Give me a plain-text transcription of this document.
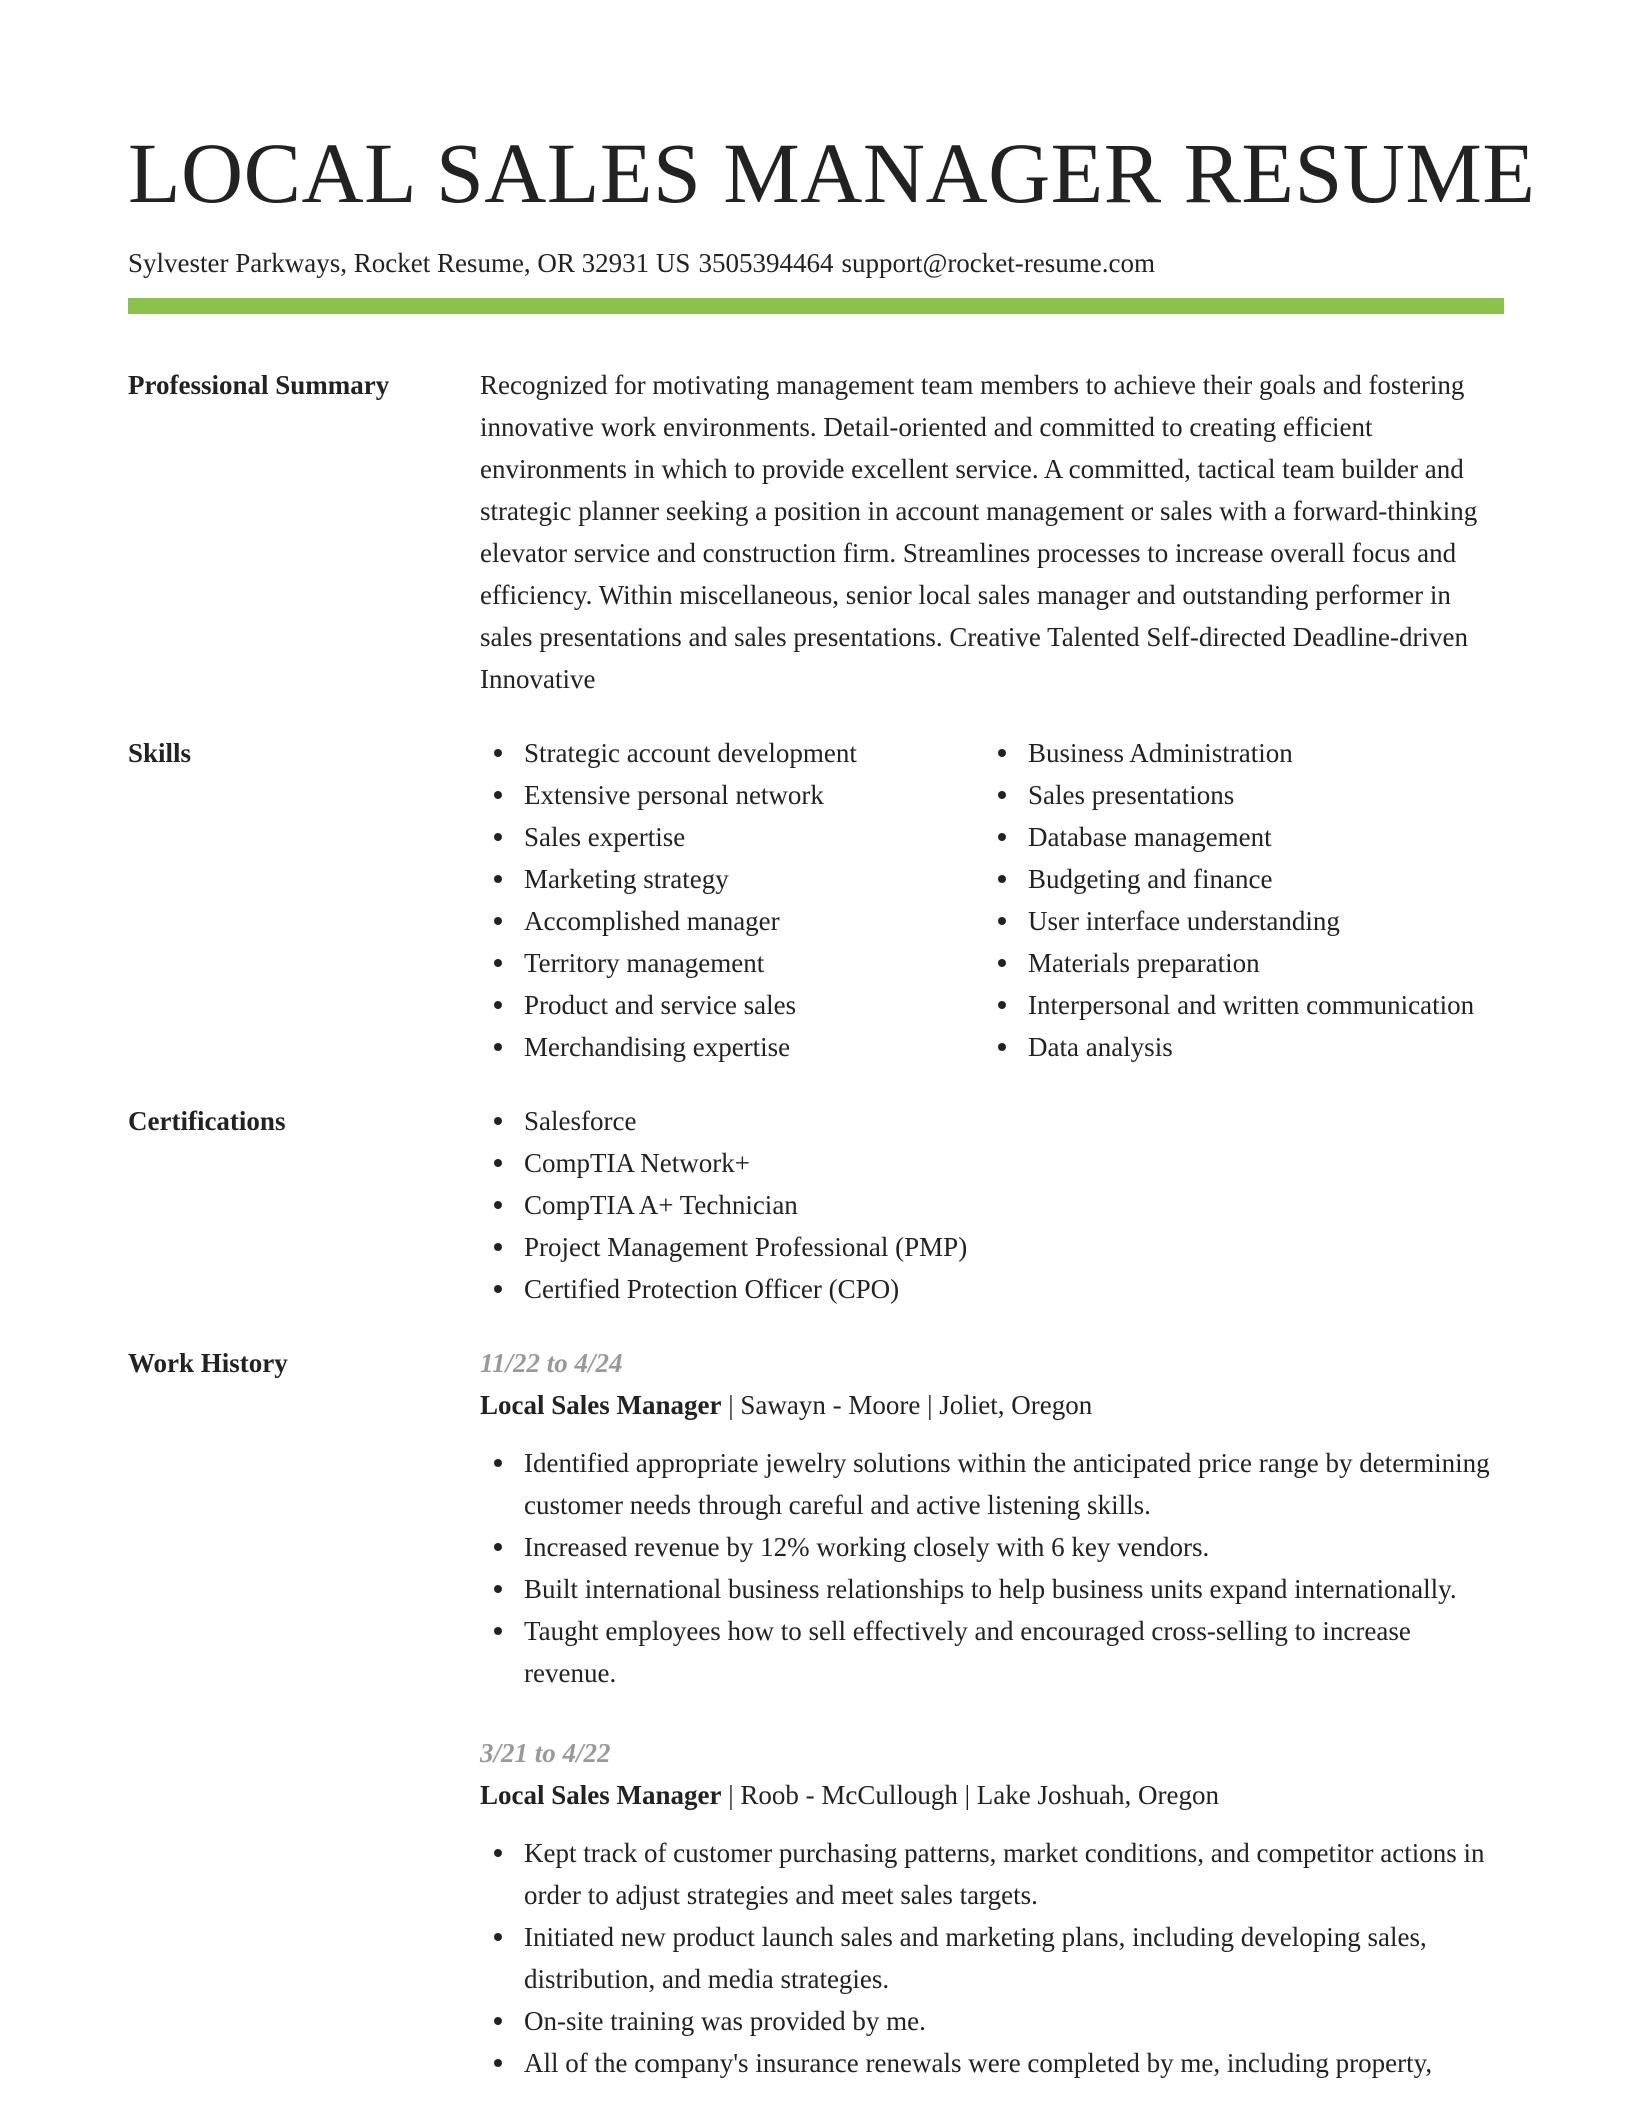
LOCAL SALES MANAGER RESUME
Sylvester Parkways, Rocket Resume, OR 32931 US 3505394464 support@rocket-resume.com
Professional Summary	Recognized for motivating management team members to achieve their goals and fostering innovative work environments. Detail-oriented and committed to creating efficient environments in which to provide excellent service. A committed, tactical team builder and strategic planner seeking a position in account management or sales with a forward-thinking elevator service and construction firm. Streamlines processes to increase overall focus and efficiency. Within miscellaneous, senior local sales manager and outstanding performer in sales presentations and sales presentations. Creative Talented Self-directed Deadline-driven Innovative

Skills	Strategic account development
Extensive personal network
Sales expertise
Marketing strategy
Accomplished manager
Territory management
Product and service sales
Merchandising expertise
Business Administration
Sales presentations
Database management
Budgeting and finance
User interface understanding
Materials preparation
Interpersonal and written communication
Data analysis
Certifications	Salesforce
CompTIA Network+
CompTIA A+ Technician
Project Management Professional (PMP)
Certified Protection Officer (CPO)
Work History	11/22 to 4/24
Local Sales Manager | Sawayn - Moore | Joliet, Oregon
Identified appropriate jewelry solutions within the anticipated price range by determining customer needs through careful and active listening skills.
Increased revenue by 12% working closely with 6 key vendors.
Built international business relationships to help business units expand internationally.
Taught employees how to sell effectively and encouraged cross-selling to increase revenue.
3/21 to 4/22
Local Sales Manager | Roob - McCullough | Lake Joshuah, Oregon
Kept track of customer purchasing patterns, market conditions, and competitor actions in order to adjust strategies and meet sales targets.
Initiated new product launch sales and marketing plans, including developing sales, distribution, and media strategies.
On-site training was provided by me.
All of the company's insurance renewals were completed by me, including property,
